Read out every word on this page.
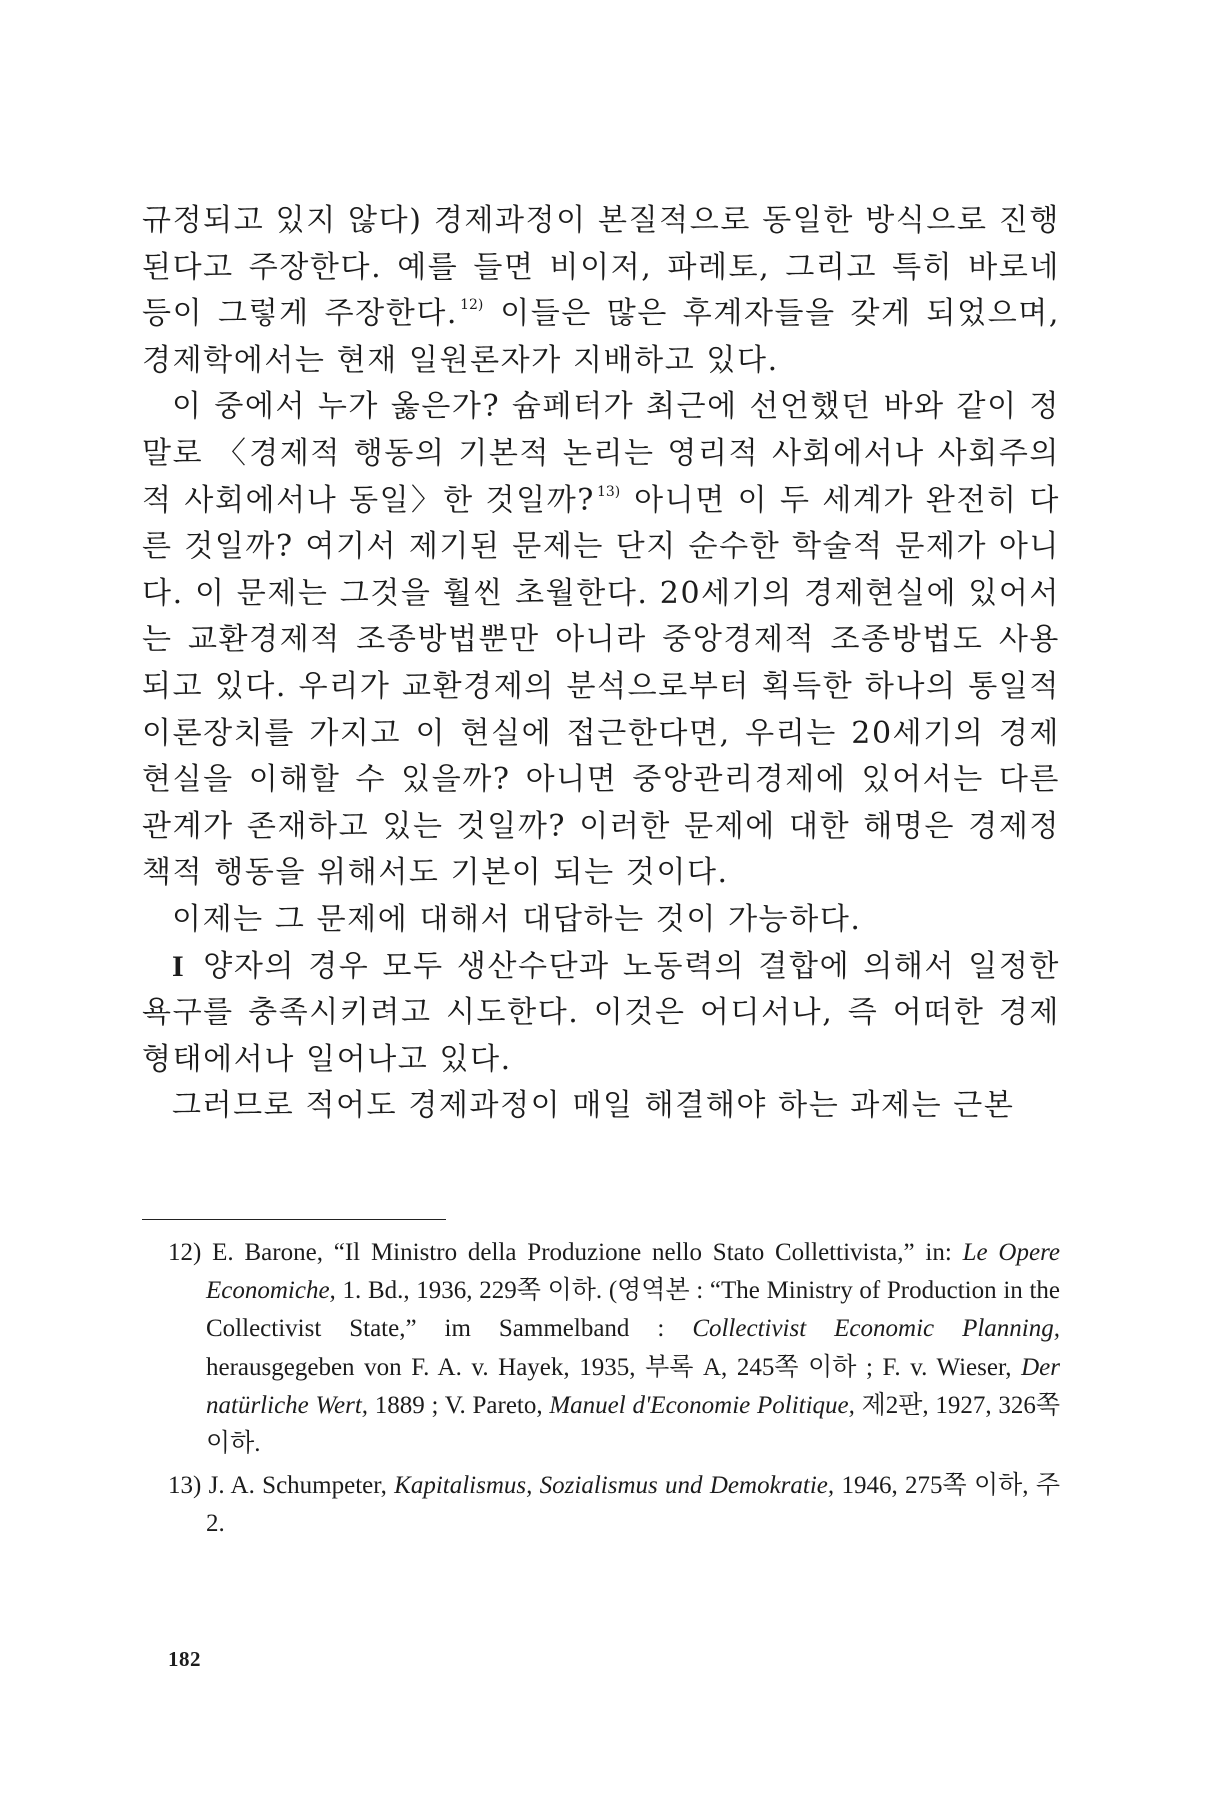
규정되고 있지 않다) 경제과정이 본질적으로 동일한 방식으로 진행된다고 주장한다. 예를 들면 비이저, 파레토, 그리고 특히 바로네 등이 그렇게 주장한다. $^{12)}$ 이들은 많은 후계자들을 갖게 되었으며, 경제학에서는 현재 일원론자가 지배하고 있다.

이 중에서 누가 옳은가? 슘페터가 최근에 선언했던 바와 같이 정말로 〈경제적 행동의 기본적 논리는 영리적 사회에서나 사회주의적 사회에서나 동일〉한 것일까? $^{13)}$ 아니면 이 두 세계가 완전히 다른 것일까? 여기서 제기된 문제는 단지 순수한 학술적 문제가 아니다. 이 문제는 그것을 훨씬 초월한다. 20세기의 경제현실에 있어서는 교환경제적 조종방법뿐만 아니라 중앙경제적 조종방법도 사용되고 있다. 우리가 교환경제의 분석으로부터 획득한 하나의 통일적 이론장치를 가지고 이 현실에 접근한다면, 우리는 20세기의 경제현실을 이해할 수 있을까? 아니면 중앙관리경제에 있어서는 다른 관계가 존재하고 있는 것일까? 이러한 문제에 대한 해명은 경제정책적 행동을 위해서도 기본이 되는 것이다.

이제는 그 문제에 대해서 대답하는 것이 가능하다.

I 양자의 경우 모두 생산수단과 노동력의 결합에 의해서 일정한 욕구를 충족시키려고 시도한다. 이것은 어디서나, 즉 어떠한 경제형태에서나 일어나고 있다.

그러므로 적어도 경제과정이 매일 해결해야 하는 과제는 근본

12) E. Barone, “Il Ministro della Produzione nello Stato Collettivista,” in: Le Opere Economiche, 1. Bd., 1936, 229쪽 이하. (영역본 : “The Ministry of Production in the Collectivist State,” im Sammelband : Collectivist Economic Planning, herausgegeben von F. A. v. Hayek, 1935, 부록 A, 245쪽 이하 ; F. v. Wieser, Der natürliche Wert, 1889 ; V. Pareto, Manuel d'Economie Politique, 제2판, 1927, 326쪽 이하.

13) J. A. Schumpeter, Kapitalismus, Sozialismus und Demokratie, 1946, 275쪽 이하, 주2.

182
